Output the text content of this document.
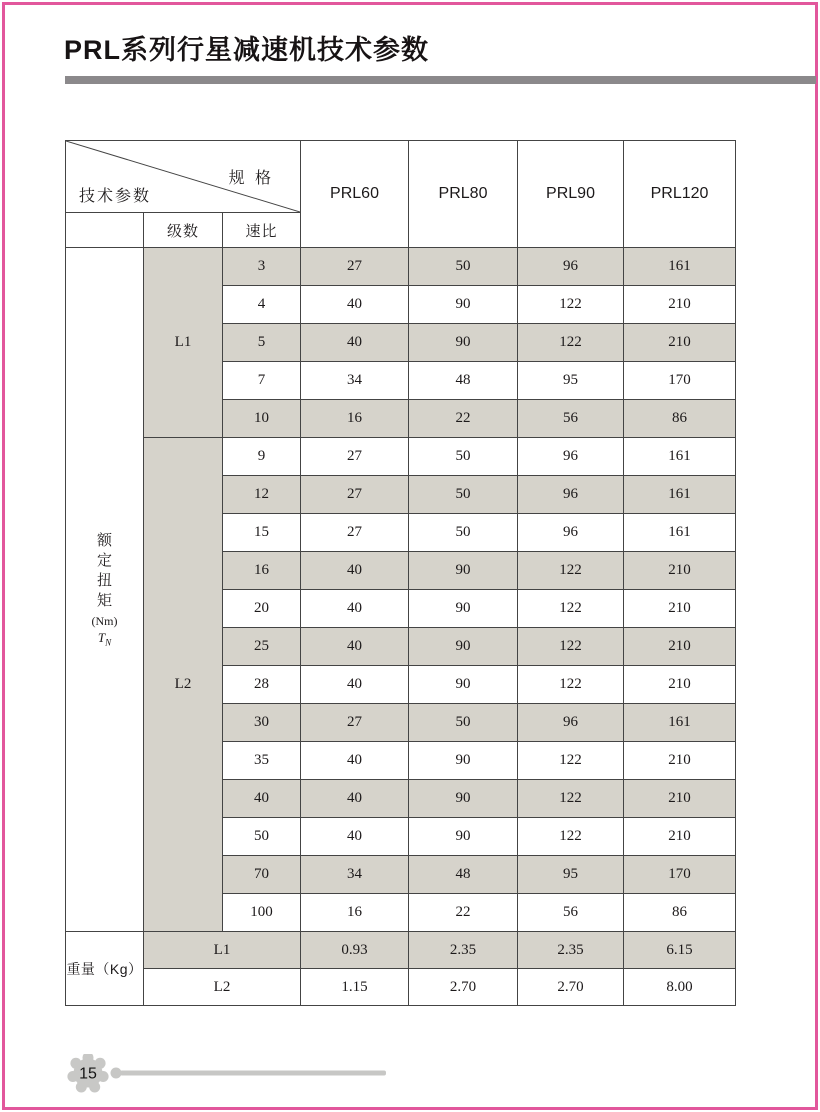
PRL系列行星减速机技术参数
规 格
技术参数			PRL60	PRL80	PRL90	PRL120
	级数	速比				

额
定
扭
矩
(Nm)
$T_N$
	L1	3	27	50	96	161
		4	40	90	122	210
		5	40	90	122	210
		7	34	48	95	170
		10	16	22	56	86
	L2	9	27	50	96	161
		12	27	50	96	161
		15	27	50	96	161
		16	40	90	122	210
		20	40	90	122	210
		25	40	90	122	210
		28	40	90	122	210
		30	27	50	96	161
		35	40	90	122	210
		40	40	90	122	210
		50	40	90	122	210
		70	34	48	95	170
		100	16	22	56	86
重量（Kg）	L1		0.93	2.35	2.35	6.15
	L2		1.15	2.70	2.70	8.00
15
